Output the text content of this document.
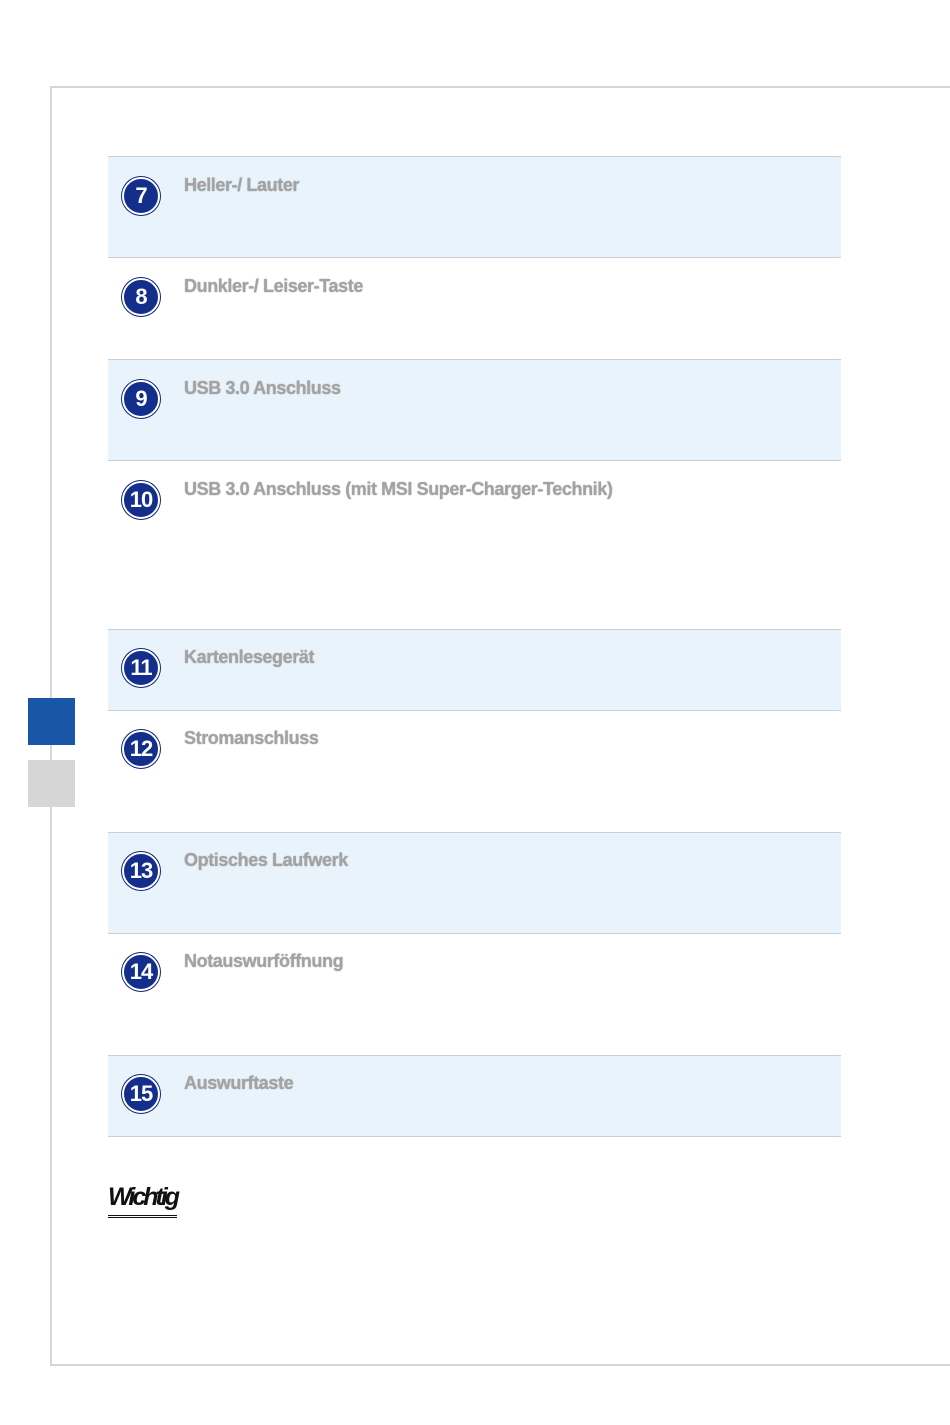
7	Heller-/ Lauter
8	Dunkler-/ Leiser-Taste
9	USB 3.0 Anschluss
10	USB 3.0 Anschluss (mit MSI Super-Charger-Technik)
11	Kartenlesegerät
12	Stromanschluss
13	Optisches Laufwerk
14	Notauswurföffnung
15	Auswurftaste
Wichtig
